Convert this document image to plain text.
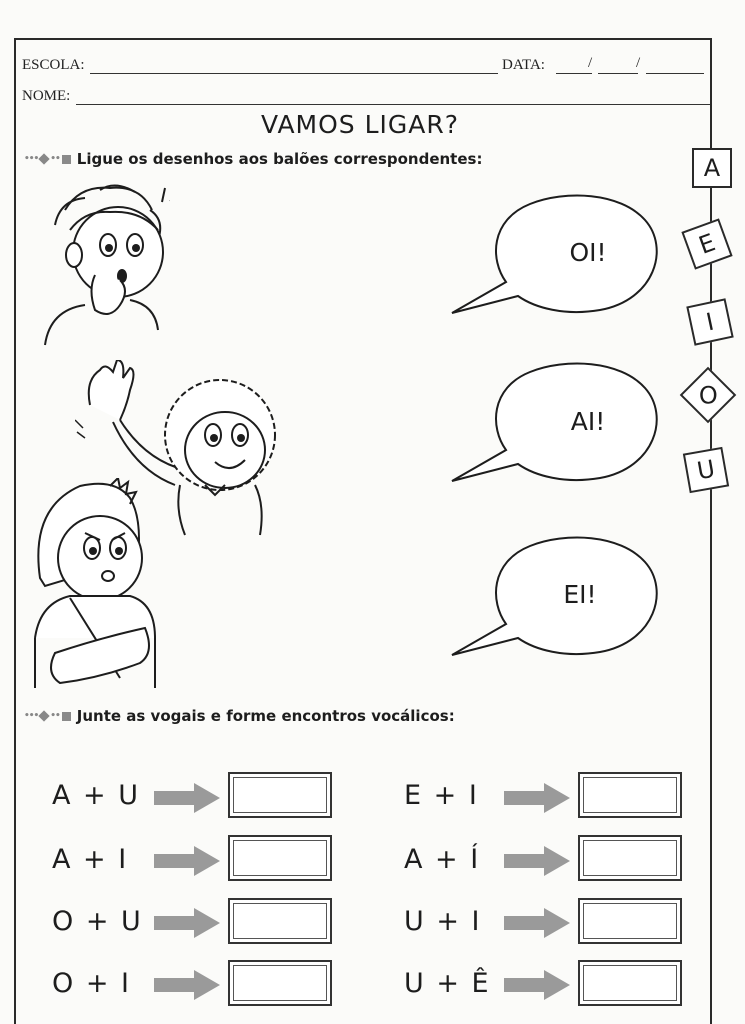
ESCOLA:	DATA:	/	/
NOME:
VAMOS LIGAR?
••• •• Ligue os desenhos aos balões correspondentes:	A
E
I
O
U
OI!
AI!
EI!
••• •• Junte as vogais e forme encontros vocálicos:
A + U
A + I
O + U
O + I
E + I
A + Í
U + I
U + Ê
